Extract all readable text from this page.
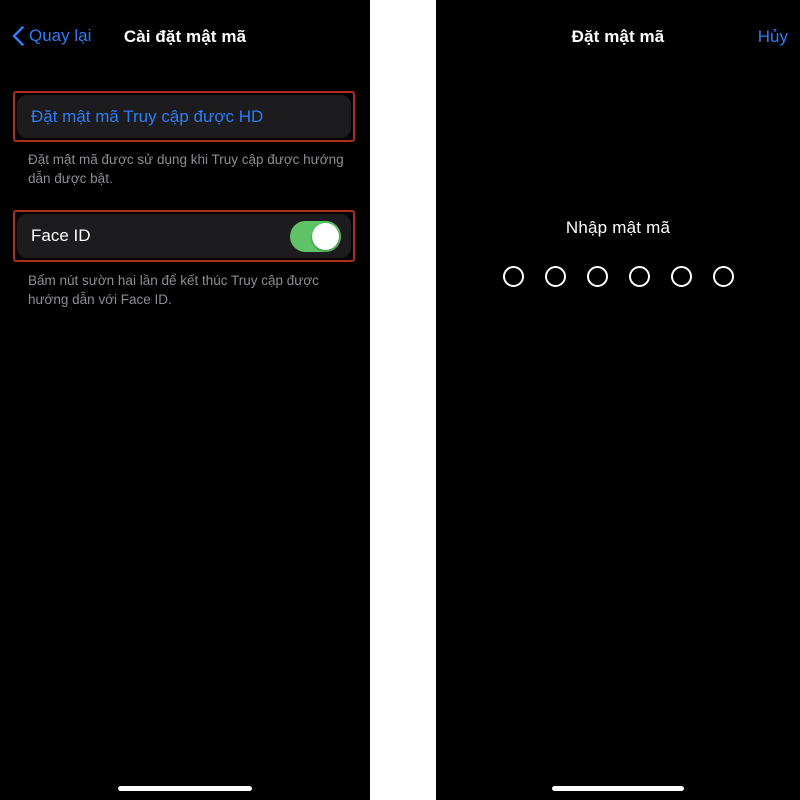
Quay lại	Cài đặt mật mã
Đặt mật mã Truy cập được HD

Đặt mật mã được sử dụng khi Truy cập được hướng dẫn được bật.

Face ID

Bấm nút sườn hai lần để kết thúc Truy cập được hướng dẫn với Face ID.

Đặt mật mã	Hủy
Nhập mật mã
